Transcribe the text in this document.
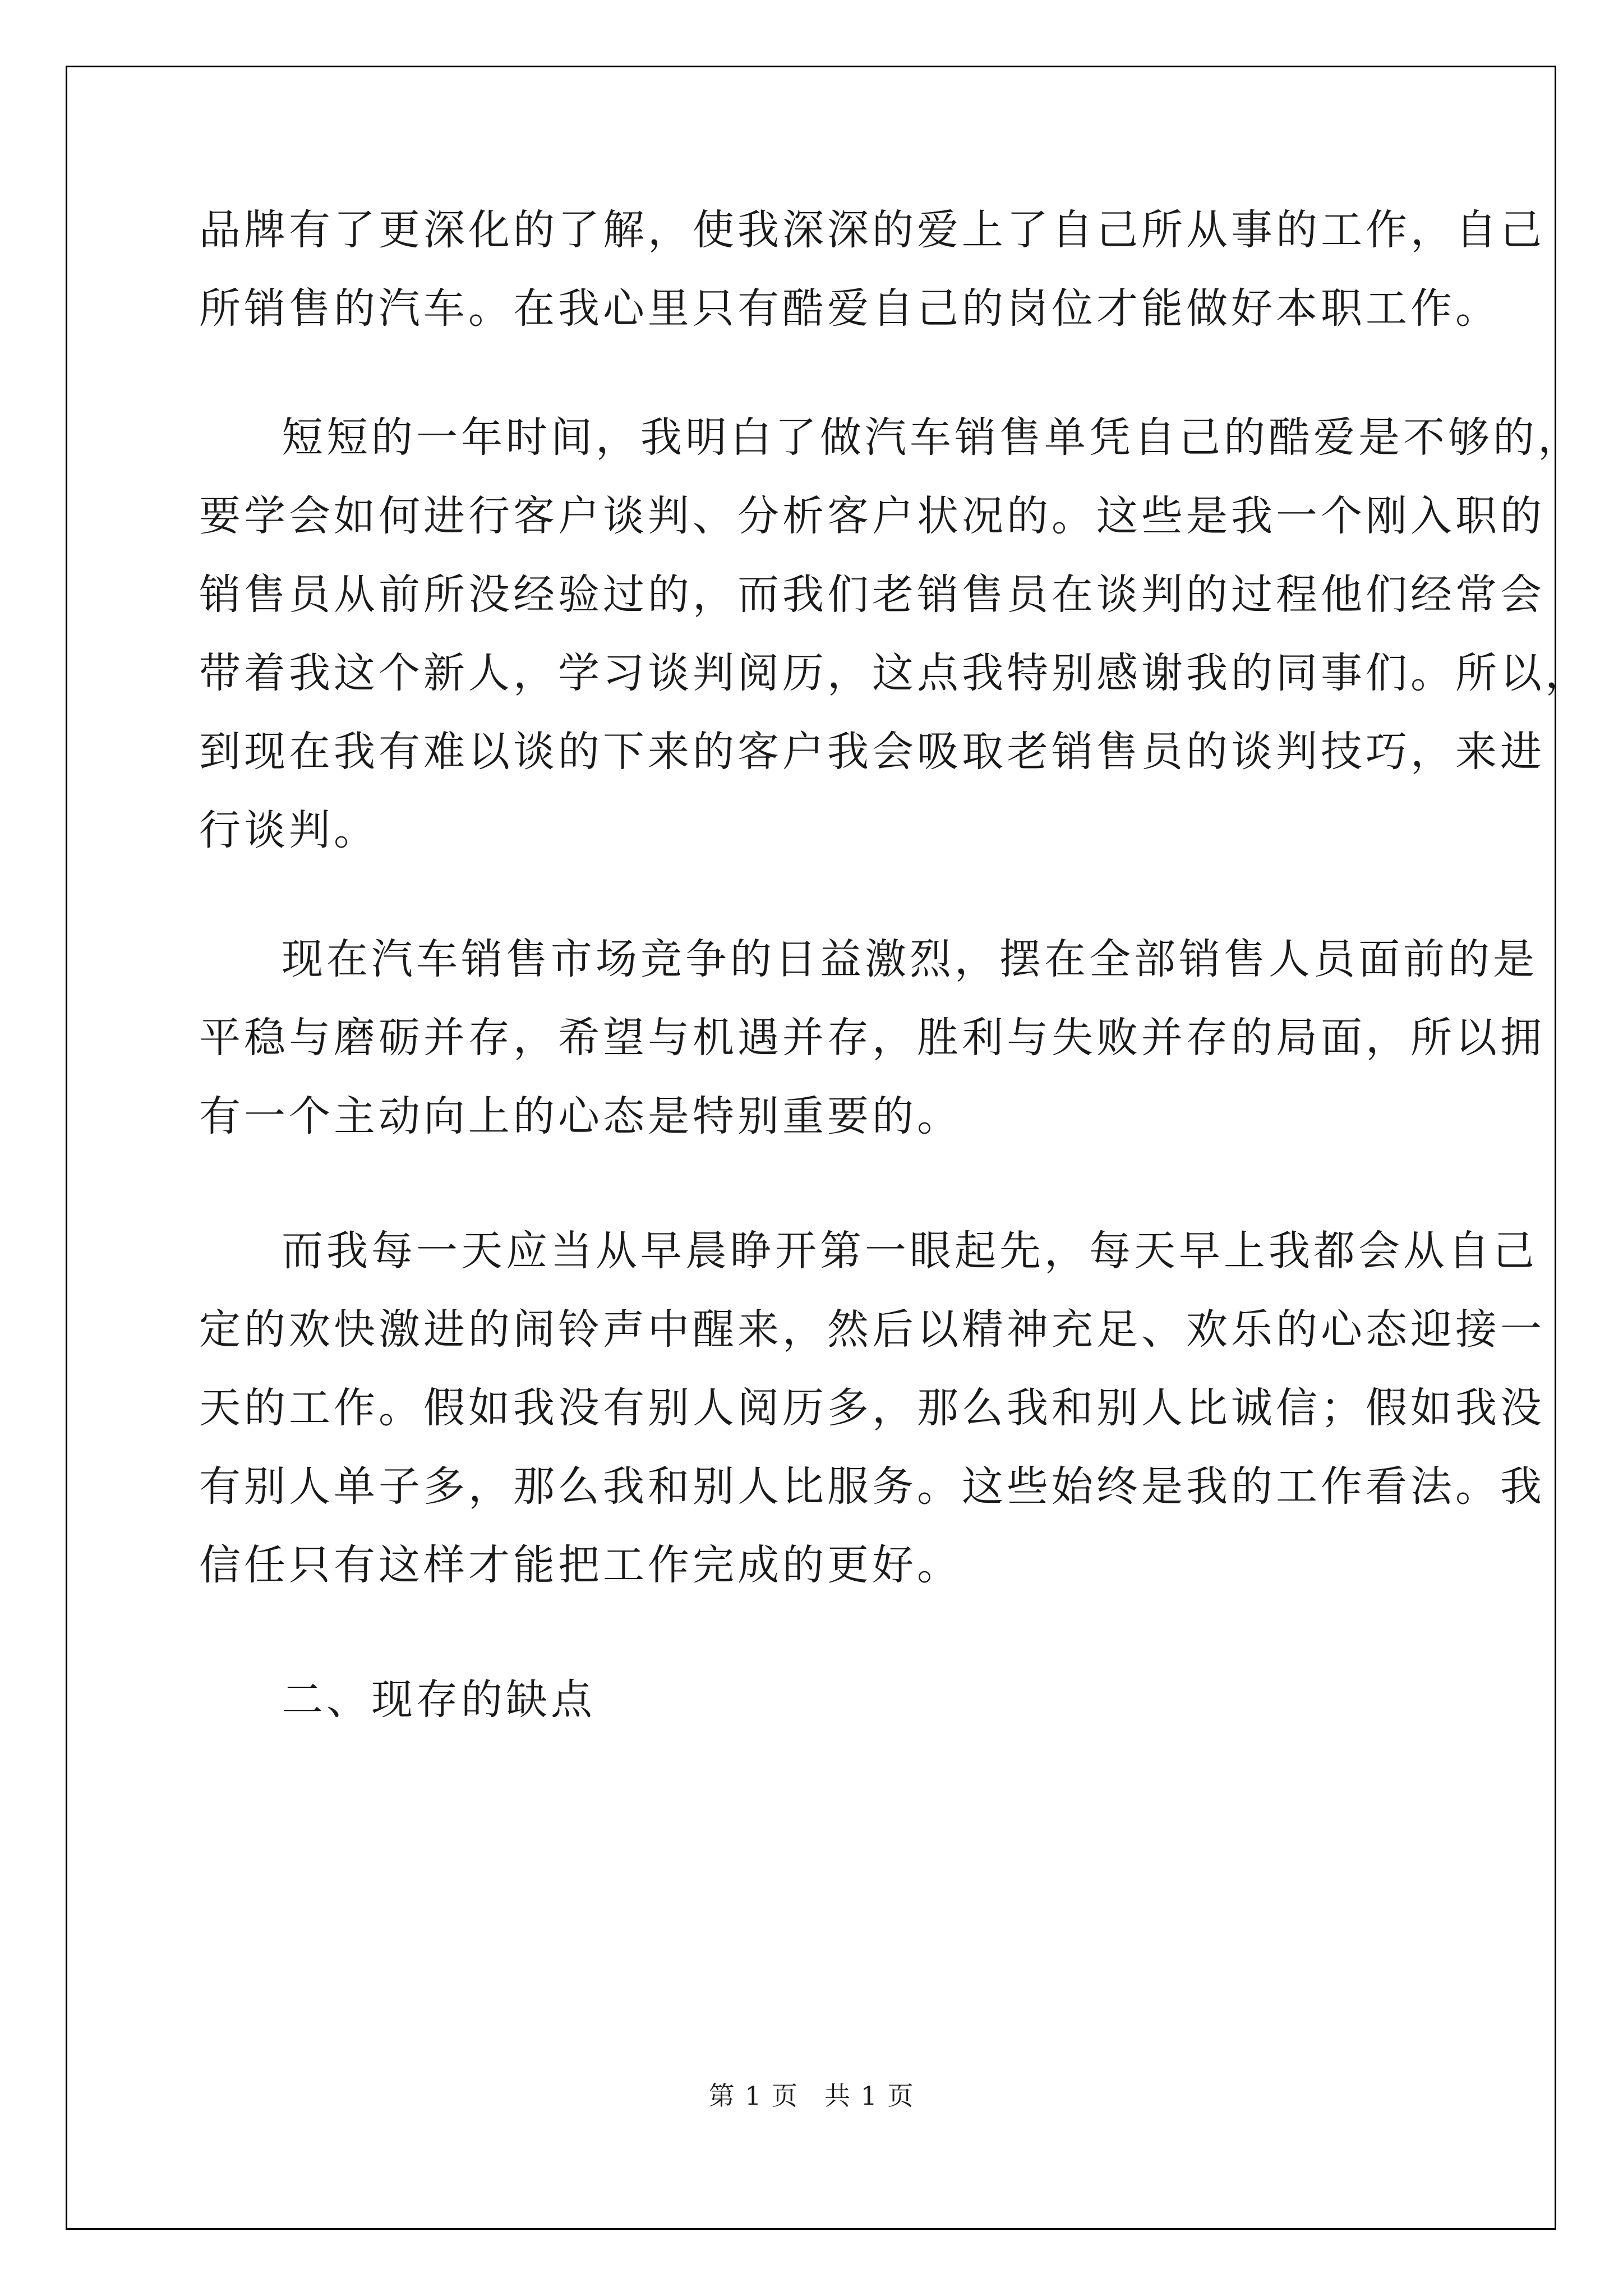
品牌有了更深化的了解，使我深深的爱上了自己所从事的工作，自己
所销售的汽车。在我心里只有酷爱自己的岗位才能做好本职工作。
短短的一年时间，我明白了做汽车销售单凭自己的酷爱是不够的，
要学会如何进行客户谈判、分析客户状况的。这些是我一个刚入职的
销售员从前所没经验过的，而我们老销售员在谈判的过程他们经常会
带着我这个新人，学习谈判阅历，这点我特别感谢我的同事们。所以，
到现在我有难以谈的下来的客户我会吸取老销售员的谈判技巧，来进
行谈判。
现在汽车销售市场竞争的日益激烈，摆在全部销售人员面前的是
平稳与磨砺并存，希望与机遇并存，胜利与失败并存的局面，所以拥
有一个主动向上的心态是特别重要的。
而我每一天应当从早晨睁开第一眼起先，每天早上我都会从自己
定的欢快激进的闹铃声中醒来，然后以精神充足、欢乐的心态迎接一
天的工作。假如我没有别人阅历多，那么我和别人比诚信；假如我没
有别人单子多，那么我和别人比服务。这些始终是我的工作看法。我
信任只有这样才能把工作完成的更好。
二、现存的缺点
第 1 页 共 1 页
